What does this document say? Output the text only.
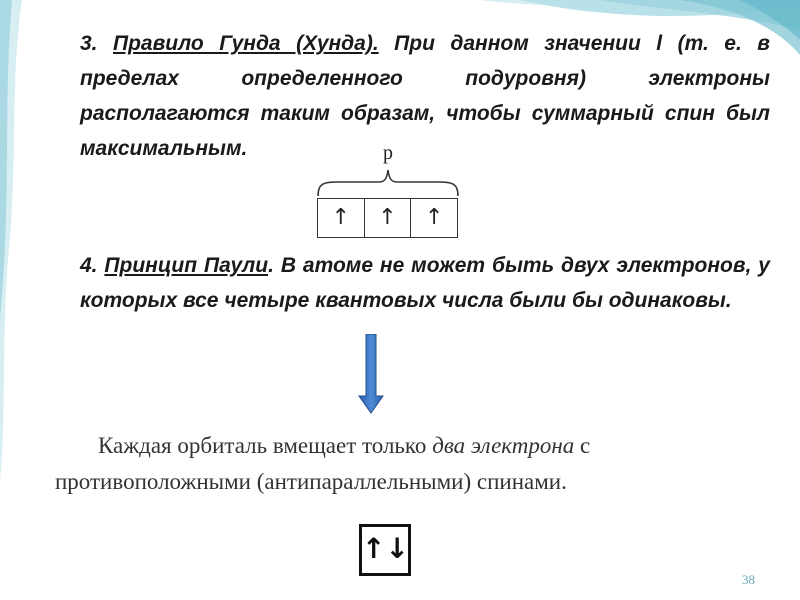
3. Правило Гунда (Хунда). При данном значении l (т. е. в пределах определенного подуровня) электроны располагаются таким образам, чтобы суммарный спин был максимальным.	p
↑	↑	↑
4. Принцип Паули. В атоме не может быть двух электронов, у которых все четыре квантовых числа были бы одинаковы.
Каждая орбиталь вмещает только два электрона с
противоположными (антипараллельными) спинами.
↑↓
38
